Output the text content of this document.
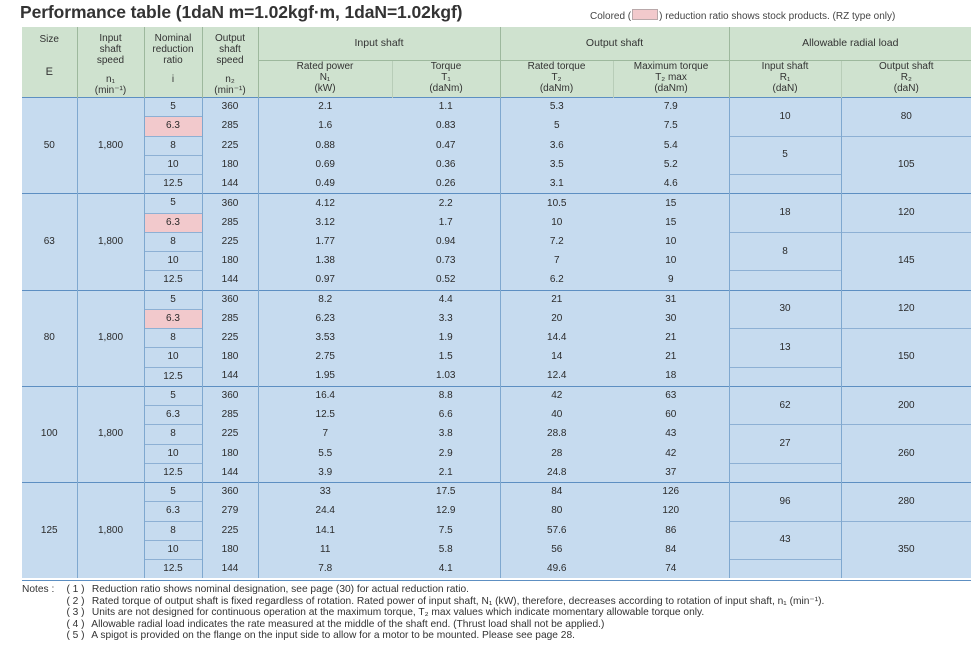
Performance table (1daN m=1.02kgf·m, 1daN=1.02kgf)	Colored (	) reduction ratio shows stock products. (RZ type only)
Size
E	Input
shaft
speed
n₁
(min⁻¹)	Nominal
reduction
ratio
i	Output
shaft
speed
n₂
(min⁻¹)	Input shaft		Output shaft		Allowable radial load	

				Rated power
N₁
(kW)	Torque
T₁
(daNm)	Rated torque
T₂
(daNm)	Maximum torque
T₂ max
(daNm)	Input shaft
R₁
(daN)	Output shaft
R₂
(daN)

50	1,800	5	360	2.1	1.1	5.3	7.9	10	80
		6.3	285	1.6	0.83	5	7.5		
		8	225	0.88	0.47	3.6	5.4	5	105
		10	180	0.69	0.36	3.5	5.2		
		12.5	144	0.49	0.26	3.1	4.6		
63	1,800	5	360	4.12	2.2	10.5	15	18	120
		6.3	285	3.12	1.7	10	15		
		8	225	1.77	0.94	7.2	10	8	145
		10	180	1.38	0.73	7	10		
		12.5	144	0.97	0.52	6.2	9		
80	1,800	5	360	8.2	4.4	21	31	30	120
		6.3	285	6.23	3.3	20	30		
		8	225	3.53	1.9	14.4	21	13	150
		10	180	2.75	1.5	14	21		
		12.5	144	1.95	1.03	12.4	18		
100	1,800	5	360	16.4	8.8	42	63	62	200
		6.3	285	12.5	6.6	40	60		
		8	225	7	3.8	28.8	43	27	260
		10	180	5.5	2.9	28	42		
		12.5	144	3.9	2.1	24.8	37		
125	1,800	5	360	33	17.5	84	126	96	280
		6.3	279	24.4	12.9	80	120		
		8	225	14.1	7.5	57.6	86	43	350
		10	180	11	5.8	56	84		
		12.5	144	7.8	4.1	49.6	74		
Notes : ( 1 ) Reduction ratio shows nominal designation, see page (30) for actual reduction ratio.
( 2 ) Rated torque of output shaft is fixed regardless of rotation. Rated power of input shaft, N₁ (kW), therefore, decreases according to rotation of input shaft, n₁ (min⁻¹).
( 3 ) Units are not designed for continuous operation at the maximum torque, T₂ max values which indicate momentary allowable torque only.
( 4 ) Allowable radial load indicates the rate measured at the middle of the shaft end. (Thrust load shall not be applied.)
( 5 ) A spigot is provided on the flange on the input side to allow for a motor to be mounted. Please see page 28.
